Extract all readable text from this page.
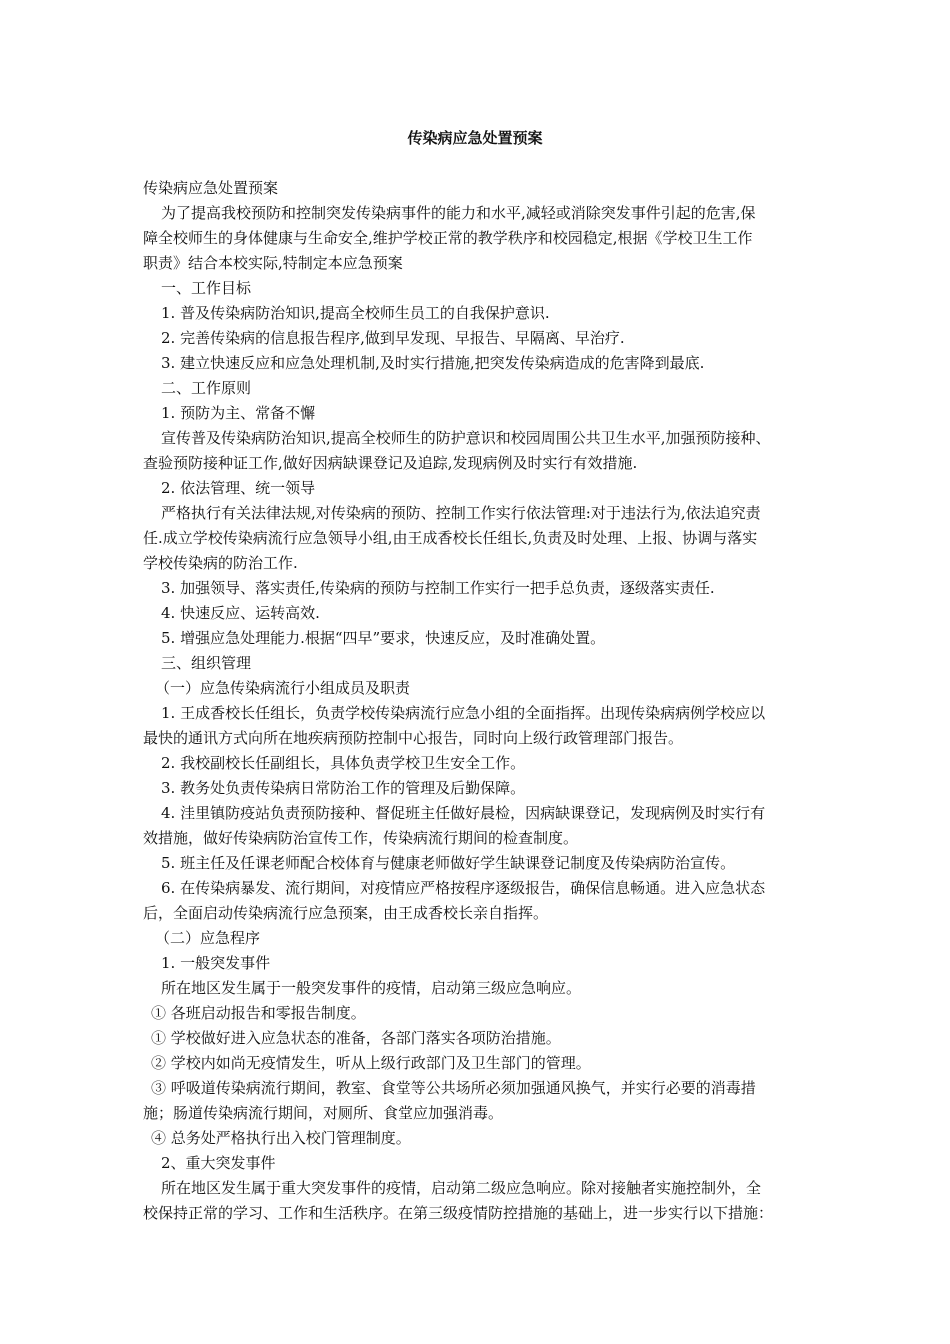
传染病应急处置预案

传染病应急处置预案

为了提高我校预防和控制突发传染病事件的能力和水平,减轻或消除突发事件引起的危害,保

障全校师生的身体健康与生命安全,维护学校正常的教学秩序和校园稳定,根据《学校卫生工作

职责》结合本校实际,特制定本应急预案

一、工作目标

1. 普及传染病防治知识,提高全校师生员工的自我保护意识.

2. 完善传染病的信息报告程序,做到早发现、早报告、早隔离、早治疗.

3. 建立快速反应和应急处理机制,及时实行措施,把突发传染病造成的危害降到最底.

二、工作原则

1. 预防为主、常备不懈

宣传普及传染病防治知识,提高全校师生的防护意识和校园周围公共卫生水平,加强预防接种、

查验预防接种证工作,做好因病缺课登记及追踪,发现病例及时实行有效措施.

2. 依法管理、统一领导

严格执行有关法律法规,对传染病的预防、控制工作实行依法管理:对于违法行为,依法追究责

任.成立学校传染病流行应急领导小组,由王成香校长任组长,负责及时处理、上报、协调与落实

学校传染病的防治工作.

3. 加强领导、落实责任,传染病的预防与控制工作实行一把手总负责，逐级落实责任.

4. 快速反应、运转高效.

5. 增强应急处理能力.根据“四早”要求，快速反应，及时准确处置。

三、组织管理

（一）应急传染病流行小组成员及职责

1. 王成香校长任组长，负责学校传染病流行应急小组的全面指挥。出现传染病病例学校应以

最快的通讯方式向所在地疾病预防控制中心报告，同时向上级行政管理部门报告。

2. 我校副校长任副组长，具体负责学校卫生安全工作。

3. 教务处负责传染病日常防治工作的管理及后勤保障。

4. 洼里镇防疫站负责预防接种、督促班主任做好晨检，因病缺课登记，发现病例及时实行有

效措施，做好传染病防治宣传工作，传染病流行期间的检查制度。

5. 班主任及任课老师配合校体育与健康老师做好学生缺课登记制度及传染病防治宣传。

6. 在传染病暴发、流行期间，对疫情应严格按程序逐级报告，确保信息畅通。进入应急状态

后，全面启动传染病流行应急预案，由王成香校长亲自指挥。

（二）应急程序

1. 一般突发事件

所在地区发生属于一般突发事件的疫情，启动第三级应急响应。

① 各班启动报告和零报告制度。

① 学校做好进入应急状态的准备，各部门落实各项防治措施。

② 学校内如尚无疫情发生，听从上级行政部门及卫生部门的管理。

③ 呼吸道传染病流行期间，教室、食堂等公共场所必须加强通风换气，并实行必要的消毒措

施；肠道传染病流行期间，对厕所、食堂应加强消毒。

④ 总务处严格执行出入校门管理制度。

2、重大突发事件

所在地区发生属于重大突发事件的疫情，启动第二级应急响应。除对接触者实施控制外，全

校保持正常的学习、工作和生活秩序。在第三级疫情防控措施的基础上，进一步实行以下措施：
